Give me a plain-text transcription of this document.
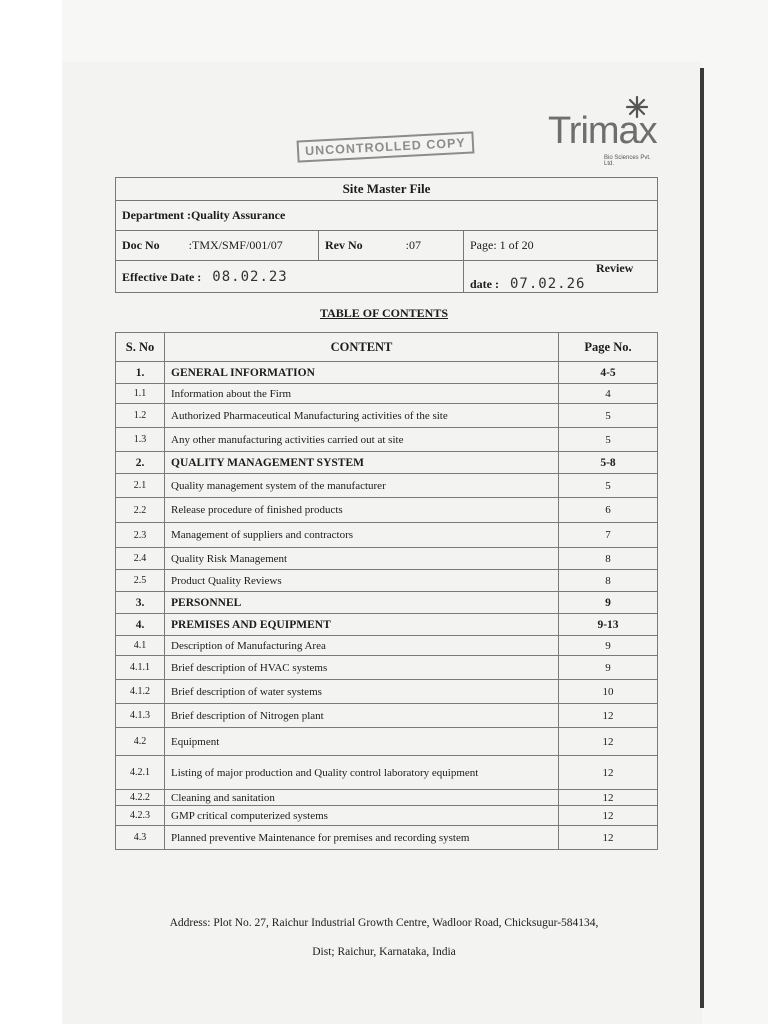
UNCONTROLLED COPY Trimax
Bio Sciences Pvt. Ltd.
Site Master File		
Department :Quality Assurance		
Doc No :TMX/SMF/001/07	Rev No :07	Page: 1 of 20
Effective Date : 08.02.23		Review date : 07.02.26
TABLE OF CONTENTS
S. No	CONTENT	Page No.
1.	GENERAL INFORMATION	4-5
1.1	Information about the Firm	4
1.2	Authorized Pharmaceutical Manufacturing activities of the site	5
1.3	Any other manufacturing activities carried out at site	5
2.	QUALITY MANAGEMENT SYSTEM	5-8
2.1	Quality management system of the manufacturer	5
2.2	Release procedure of finished products	6
2.3	Management of suppliers and contractors	7
2.4	Quality Risk Management	8
2.5	Product Quality Reviews	8
3.	PERSONNEL	9
4.	PREMISES AND EQUIPMENT	9-13
4.1	Description of Manufacturing Area	9
4.1.1	Brief description of HVAC systems	9
4.1.2	Brief description of water systems	10
4.1.3	Brief description of Nitrogen plant	12
4.2	Equipment	12
4.2.1	Listing of major production and Quality control laboratory equipment	12
4.2.2	Cleaning and sanitation	12
4.2.3	GMP critical computerized systems	12
4.3	Planned preventive Maintenance for premises and recording system	12
Address: Plot No. 27, Raichur Industrial Growth Centre, Wadloor Road, Chicksugur-584134,
Dist; Raichur, Karnataka, India
